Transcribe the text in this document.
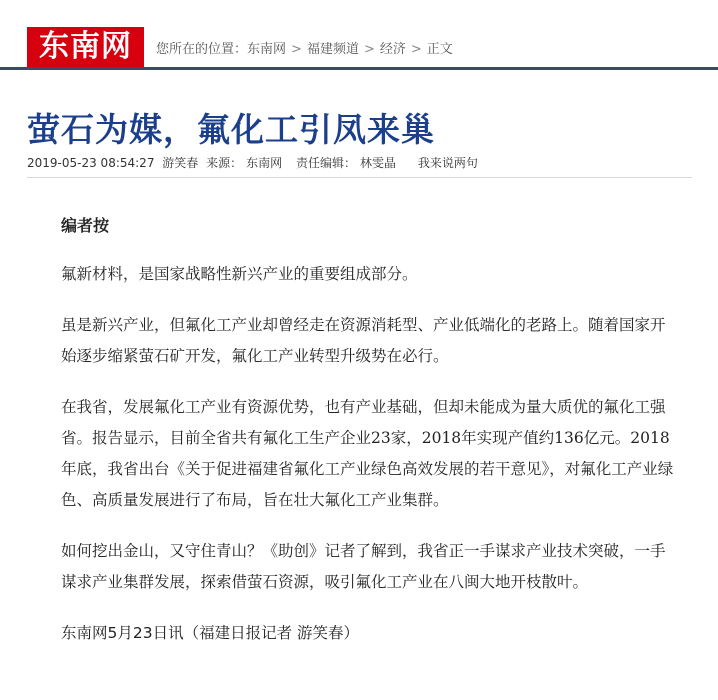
东南网	您所在的位置：东南网 > 福建频道 > 经济 > 正文
萤石为媒，氟化工引凤来巢
2019-05-23 08:54:27 游笑春 来源： 东南网 责任编辑： 林雯晶 我来说两句

编者按

氟新材料，是国家战略性新兴产业的重要组成部分。

虽是新兴产业，但氟化工产业却曾经走在资源消耗型、产业低端化的老路上。随着国家开始逐步缩紧萤石矿开发，氟化工产业转型升级势在必行。

在我省，发展氟化工产业有资源优势，也有产业基础，但却未能成为量大质优的氟化工强省。报告显示，目前全省共有氟化工生产企业23家，2018年实现产值约136亿元。2018年底，我省出台《关于促进福建省氟化工产业绿色高效发展的若干意见》，对氟化工产业绿色、高质量发展进行了布局，旨在壮大氟化工产业集群。

如何挖出金山，又守住青山？《助创》记者了解到，我省正一手谋求产业技术突破，一手谋求产业集群发展，探索借萤石资源，吸引氟化工产业在八闽大地开枝散叶。

东南网5月23日讯（福建日报记者 游笑春）
